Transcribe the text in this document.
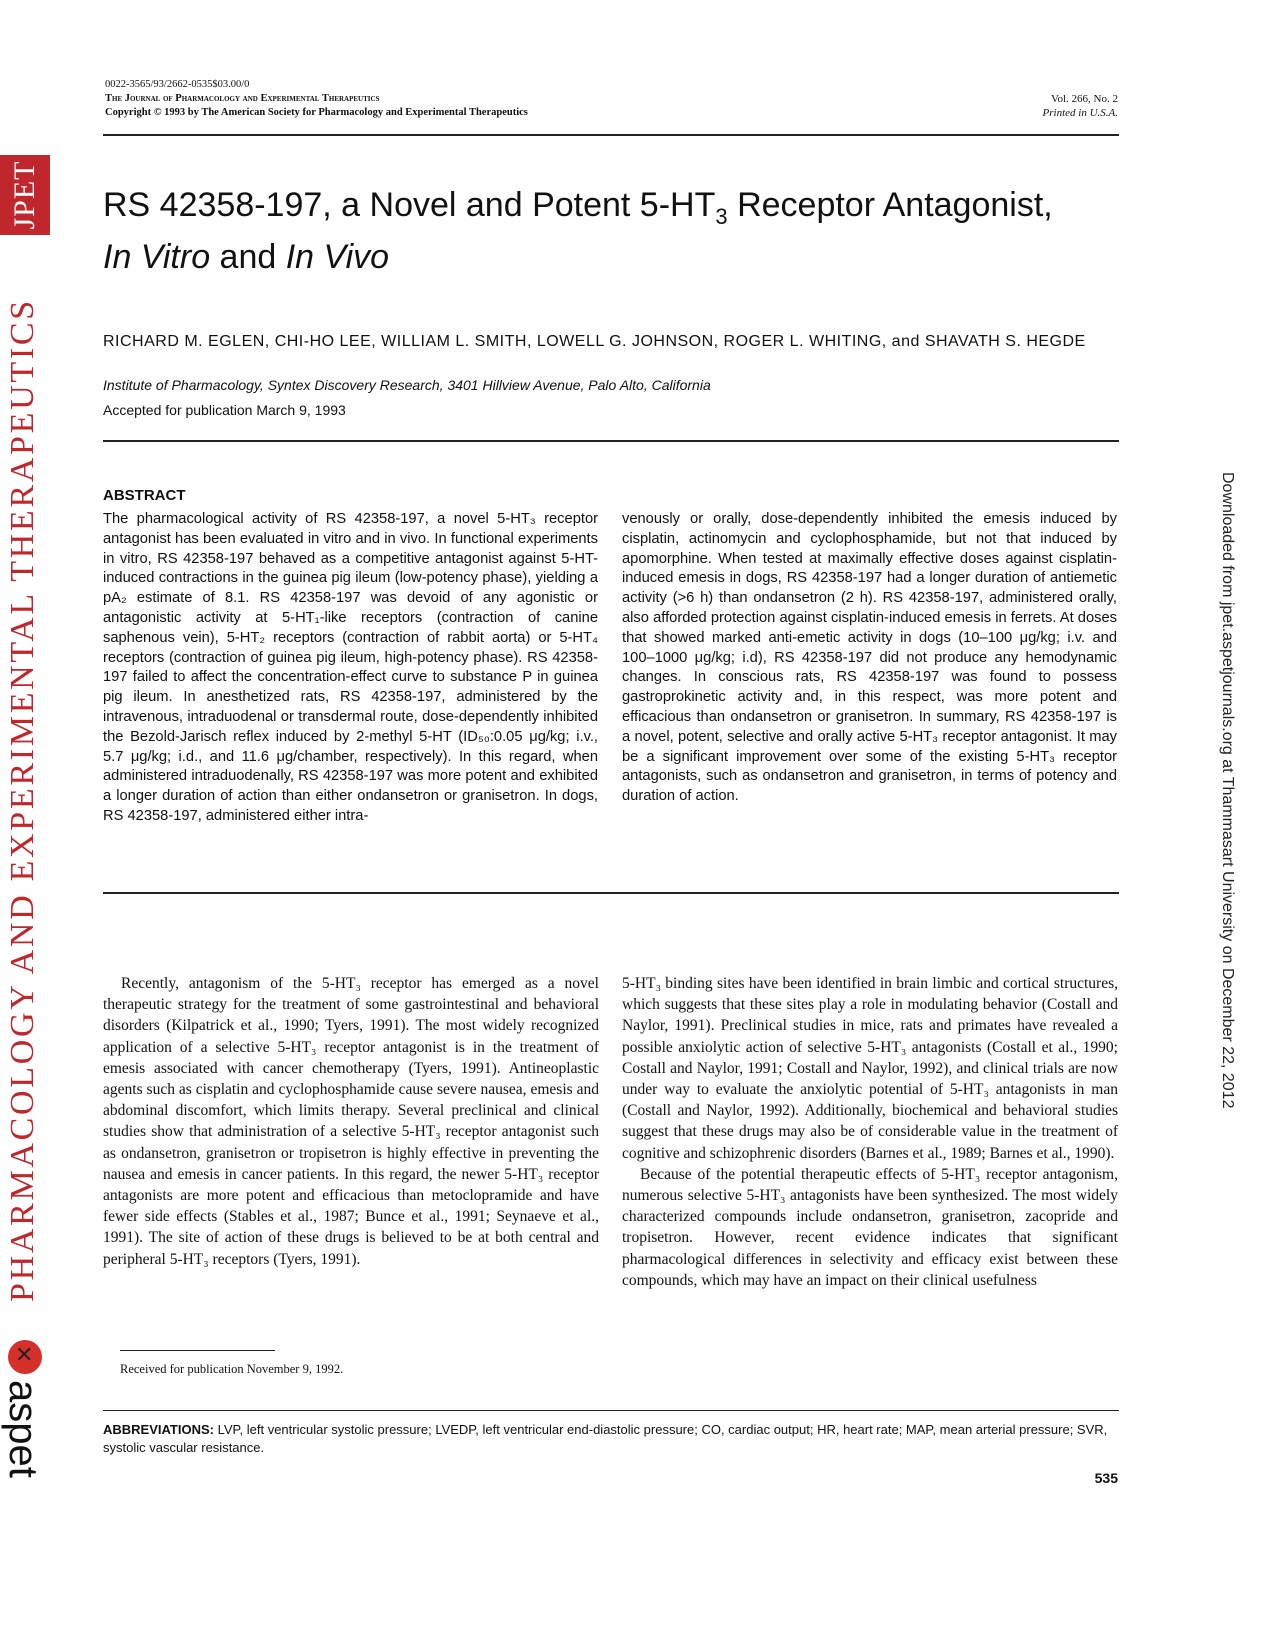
JPET
PHARMACOLOGY AND EXPERIMENTAL THERAPEUTICS
✕
aspet
Downloaded from jpet.aspetjournals.org at Thammasart University on December 22, 2012
0022-3565/93/2662-0535$03.00/0
The Journal of Pharmacology and Experimental Therapeutics
Copyright © 1993 by The American Society for Pharmacology and Experimental Therapeutics
Vol. 266, No. 2
Printed in U.S.A.
RS 42358-197, a Novel and Potent $5-HT_3$ Receptor Antagonist,
In Vitro and In Vivo
RICHARD M. EGLEN, CHI-HO LEE, WILLIAM L. SMITH, LOWELL G. JOHNSON, ROGER L. WHITING, and SHAVATH S. HEGDE
Institute of Pharmacology, Syntex Discovery Research, 3401 Hillview Avenue, Palo Alto, California
Accepted for publication March 9, 1993
ABSTRACT
The pharmacological activity of RS 42358-197, a novel 5-HT₃ receptor antagonist has been evaluated in vitro and in vivo. In functional experiments in vitro, RS 42358-197 behaved as a competitive antagonist against 5-HT-induced contractions in the guinea pig ileum (low-potency phase), yielding a pA₂ estimate of 8.1. RS 42358-197 was devoid of any agonistic or antagonistic activity at 5-HT₁-like receptors (contraction of canine saphenous vein), 5-HT₂ receptors (contraction of rabbit aorta) or 5-HT₄ receptors (contraction of guinea pig ileum, high-potency phase). RS 42358-197 failed to affect the concentration-effect curve to substance P in guinea pig ileum. In anesthetized rats, RS 42358-197, administered by the intravenous, intraduodenal or transdermal route, dose-dependently inhibited the Bezold-Jarisch reflex induced by 2-methyl 5-HT (ID₅₀:0.05 μg/kg; i.v., 5.7 μg/kg; i.d., and 11.6 μg/chamber, respectively). In this regard, when administered intraduodenally, RS 42358-197 was more potent and exhibited a longer duration of action than either ondansetron or granisetron. In dogs, RS 42358-197, administered either intra-
venously or orally, dose-dependently inhibited the emesis induced by cisplatin, actinomycin and cyclophosphamide, but not that induced by apomorphine. When tested at maximally effective doses against cisplatin-induced emesis in dogs, RS 42358-197 had a longer duration of antiemetic activity (>6 h) than ondansetron (2 h). RS 42358-197, administered orally, also afforded protection against cisplatin-induced emesis in ferrets. At doses that showed marked anti-emetic activity in dogs (10–100 μg/kg; i.v. and 100–1000 μg/kg; i.d), RS 42358-197 did not produce any hemodynamic changes. In conscious rats, RS 42358-197 was found to possess gastroprokinetic activity and, in this respect, was more potent and efficacious than ondansetron or granisetron. In summary, RS 42358-197 is a novel, potent, selective and orally active 5-HT₃ receptor antagonist. It may be a significant improvement over some of the existing 5-HT₃ receptor antagonists, such as ondansetron and granisetron, in terms of potency and duration of action.

Recently, antagonism of the 5-HT₃ receptor has emerged as a novel therapeutic strategy for the treatment of some gastrointestinal and behavioral disorders (Kilpatrick et al., 1990; Tyers, 1991). The most widely recognized application of a selective 5-HT₃ receptor antagonist is in the treatment of emesis associated with cancer chemotherapy (Tyers, 1991). Antineoplastic agents such as cisplatin and cyclophosphamide cause severe nausea, emesis and abdominal discomfort, which limits therapy. Several preclinical and clinical studies show that administration of a selective 5-HT₃ receptor antagonist such as ondansetron, granisetron or tropisetron is highly effective in preventing the nausea and emesis in cancer patients. In this regard, the newer 5-HT₃ receptor antagonists are more potent and efficacious than metoclopramide and have fewer side effects (Stables et al., 1987; Bunce et al., 1991; Seynaeve et al., 1991). The site of action of these drugs is believed to be at both central and peripheral 5-HT₃ receptors (Tyers, 1991).

5-HT₃ binding sites have been identified in brain limbic and cortical structures, which suggests that these sites play a role in modulating behavior (Costall and Naylor, 1991). Preclinical studies in mice, rats and primates have revealed a possible anxiolytic action of selective 5-HT₃ antagonists (Costall et al., 1990; Costall and Naylor, 1991; Costall and Naylor, 1992), and clinical trials are now under way to evaluate the anxiolytic potential of 5-HT₃ antagonists in man (Costall and Naylor, 1992). Additionally, biochemical and behavioral studies suggest that these drugs may also be of considerable value in the treatment of cognitive and schizophrenic disorders (Barnes et al., 1989; Barnes et al., 1990).

Because of the potential therapeutic effects of 5-HT₃ receptor antagonism, numerous selective 5-HT₃ antagonists have been synthesized. The most widely characterized compounds include ondansetron, granisetron, zacopride and tropisetron. However, recent evidence indicates that significant pharmacological differences in selectivity and efficacy exist between these compounds, which may have an impact on their clinical usefulness

Received for publication November 9, 1992.
ABBREVIATIONS: LVP, left ventricular systolic pressure; LVEDP, left ventricular end-diastolic pressure; CO, cardiac output; HR, heart rate; MAP, mean arterial pressure; SVR, systolic vascular resistance.
535
